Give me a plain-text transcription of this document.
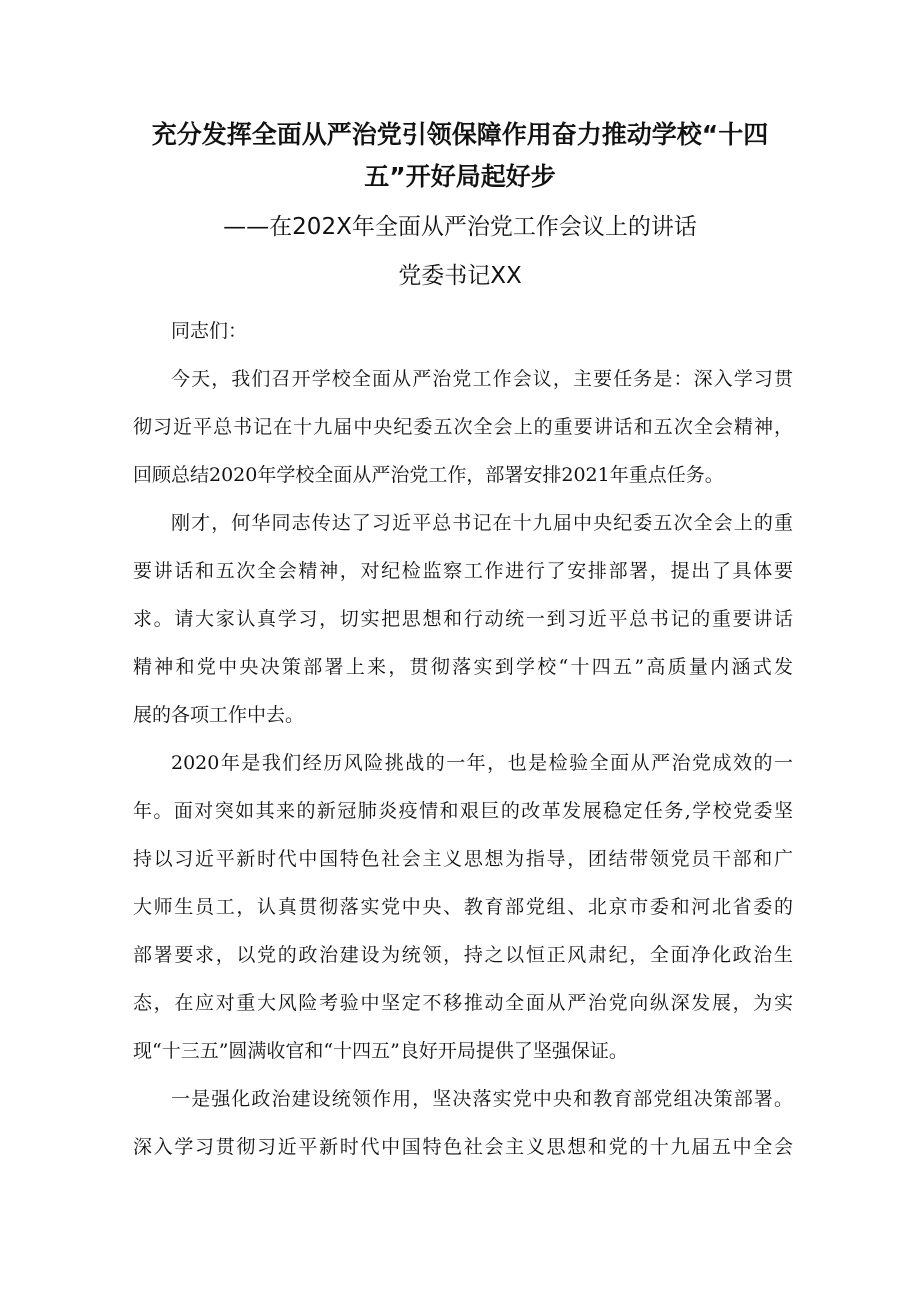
充分发挥全面从严治党引领保障作用奋力推动学校“十四
五”开好局起好步
——在202X年全面从严治党工作会议上的讲话
党委书记XX
同志们：
今天，我们召开学校全面从严治党工作会议，主要任务是：深入学习贯
彻习近平总书记在十九届中央纪委五次全会上的重要讲话和五次全会精神，
回顾总结2020年学校全面从严治党工作，部署安排2021年重点任务。
刚才，何华同志传达了习近平总书记在十九届中央纪委五次全会上的重
要讲话和五次全会精神，对纪检监察工作进行了安排部署，提出了具体要
求。请大家认真学习，切实把思想和行动统一到习近平总书记的重要讲话
精神和党中央决策部署上来，贯彻落实到学校“十四五”高质量内涵式发
展的各项工作中去。
2020年是我们经历风险挑战的一年，也是检验全面从严治党成效的一
年。面对突如其来的新冠肺炎疫情和艰巨的改革发展稳定任务,学校党委坚
持以习近平新时代中国特色社会主义思想为指导，团结带领党员干部和广
大师生员工，认真贯彻落实党中央、教育部党组、北京市委和河北省委的
部署要求，以党的政治建设为统领，持之以恒正风肃纪，全面净化政治生
态，在应对重大风险考验中坚定不移推动全面从严治党向纵深发展，为实
现“十三五”圆满收官和“十四五”良好开局提供了坚强保证。
一是强化政治建设统领作用，坚决落实党中央和教育部党组决策部署。
深入学习贯彻习近平新时代中国特色社会主义思想和党的十九届五中全会
